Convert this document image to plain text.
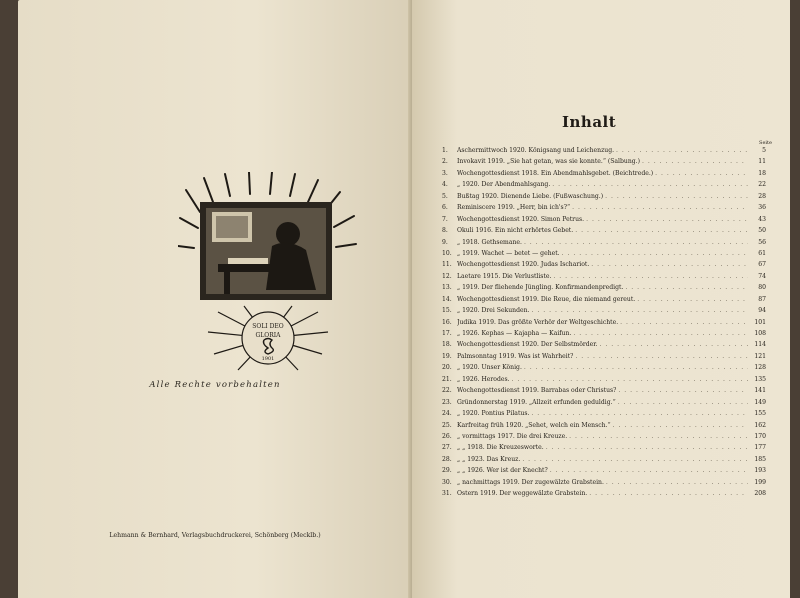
SOLI DEO
GLORIA
1901
Alle Rechte vorbehalten
Lehmann & Bernhard, Verlagsbuchdruckerei, Schönberg (Mecklb.)
Inhalt
Seite
1.	Aschermittwoch 1920. Königsang und Leichenzug. . . .	5
2.	Invokavit 1919. „Sie hat getan, was sie konnte.“ (Salbung.) . . .	11
3.	Wochengottesdienst 1918. Ein Abendmahlsgebet. (Beichtrede.) . . .	18
4.	„ 1920. Der Abendmahlsgang. . . .	22
5.	Bußtag 1920. Dienende Liebe. (Fußwaschung.) . . .	28
6.	Reminiscere 1919. „Herr, bin ich's?“ . . .	36
7.	Wochengottesdienst 1920. Simon Petrus. . . .	43
8.	Okuli 1916. Ein nicht erhörtes Gebet. . . .	50
9.	„ 1918. Gethsemane. . . .	56
10. „ 1919. Wachet — betet — gehet. . . .	61
11. Wochengottesdienst 1920. Judas Ischariot. . . .	67
12. Laetare 1915. Die Verlustliste. . . .	74
13. „ 1919. Der fliehende Jüngling. Konfirmandenpredigt. . . .	80
14. Wochengottesdienst 1919. Die Reue, die niemand gereut. . . .	87
15. „ 1920. Drei Sekunden. . . .	94
16. Judika 1919. Das größte Verhör der Weltgeschichte. . . .	101
17. „ 1926. Kephas — Kajapha — Kaifun. . . .	108
18. Wochengottesdienst 1920. Der Selbstmörder. . . .	114
19. Palmsonntag 1919. Was ist Wahrheit? . . .	121
20. „ 1920. Unser König. . . .	128
21. „ 1926. Herodes. . . .	135
22. Wochengottesdienst 1919. Barrabas oder Christus? . . .	141
23. Gründonnerstag 1919. „Allzeit erfunden geduldig.“ . . .	149
24. „ 1920. Pontius Pilatus. . . .	155
25. Karfreitag früh 1920. „Sehet, welch ein Mensch.“ . . .	162
26. „ vormittags 1917. Die drei Kreuze. . . .	170
27. „ „ 1918. Die Kreuzesworte. . . .	177
28. „ „ 1923. Das Kreuz. . . .	185
29. „ „ 1926. Wer ist der Knecht? . . .	193
30. „ nachmittags 1919. Der zugewälzte Grabstein. . . .	199
31. Ostern 1919. Der weggewälzte Grabstein. . . .	208
